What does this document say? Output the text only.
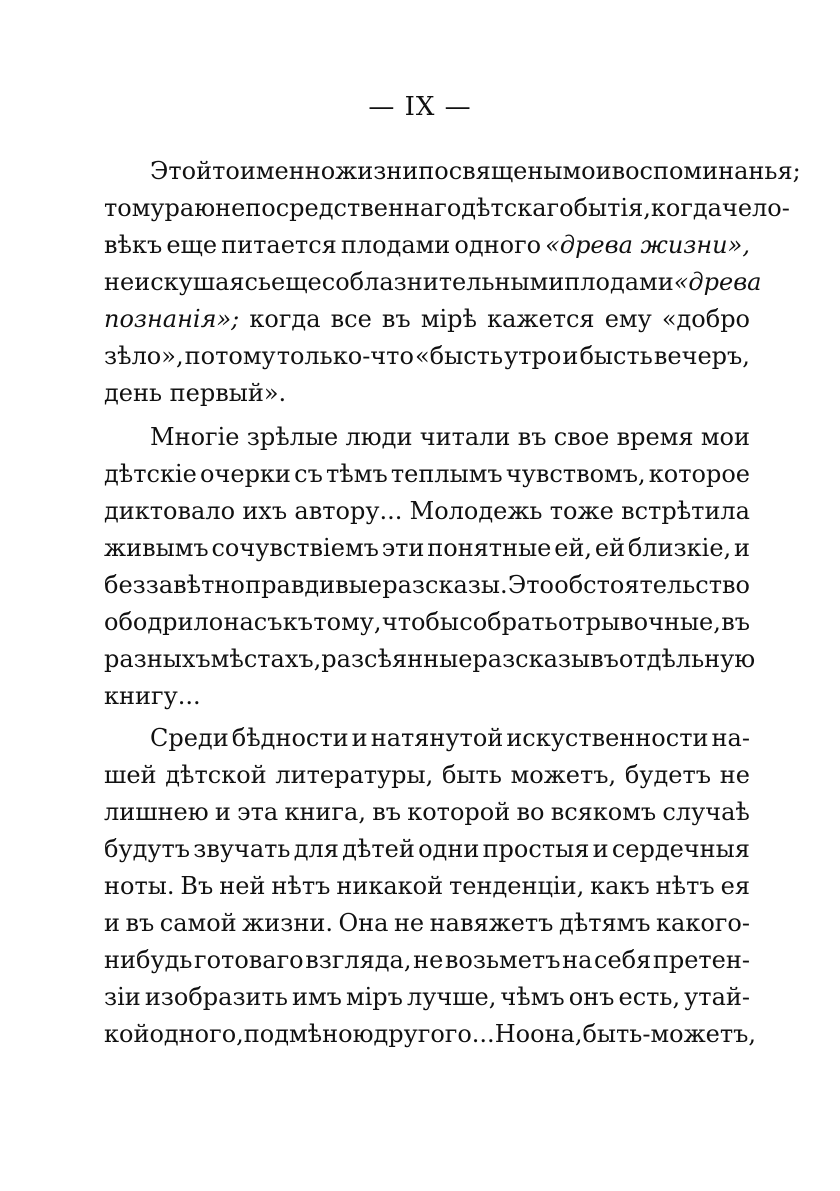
— IX —
Этой то именно жизни посвящены мои воспоминанья;
тому раю непосредственнаго дѣтскаго бытія, когда чело-
вѣкъ еще питается плодами одного «древа жизни»,
не искушаясь еще соблазнительными плодами «древа
познанія»; когда все въ мірѣ кажется ему «добро
зѣло», потому только-что «бысть утро и бысть вечеръ,
день первый».
Многіе зрѣлые люди читали въ свое время мои
дѣтскіе очерки съ тѣмъ теплымъ чувствомъ, которое
диктовало ихъ автору... Молодежь тоже встрѣтила
живымъ сочувствіемъ эти понятные ей, ей близкіе, и
беззавѣтно правдивые разсказы. Это обстоятельство
ободрило насъ къ тому, чтобы собрать отрывочные, въ
разныхъ мѣстахъ, разсѣянные разсказы въ отдѣльную
книгу...
Среди бѣдности и натянутой искуственности на-
шей дѣтской литературы, быть можетъ, будетъ не
лишнею и эта книга, въ которой во всякомъ случаѣ
будутъ звучать для дѣтей одни простыя и сердечныя
ноты. Въ ней нѣтъ никакой тенденціи, какъ нѣтъ ея
и въ самой жизни. Она не навяжетъ дѣтямъ какого-
нибудь готоваго взгляда, не возьметъ на себя претен-
зіи изобразить имъ міръ лучше, чѣмъ онъ есть, утай-
кой одного, подмѣною другого... Но она, быть-можетъ,
